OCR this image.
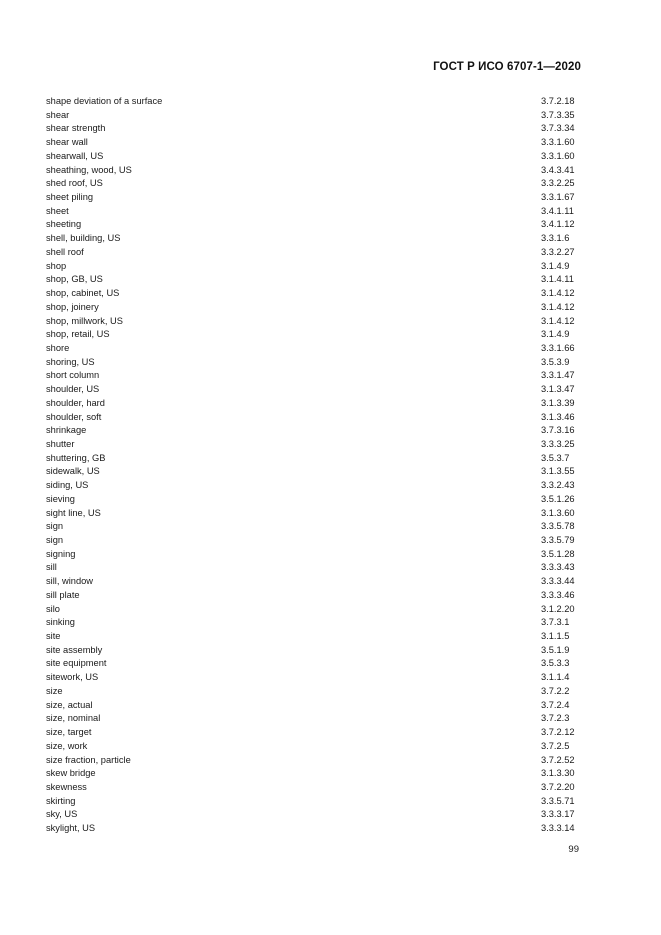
ГОСТ Р ИСО 6707-1—2020
shape deviation of a surface	3.7.2.18
shear	3.7.3.35
shear strength	3.7.3.34
shear wall	3.3.1.60
shearwall, US	3.3.1.60
sheathing, wood, US	3.4.3.41
shed roof, US	3.3.2.25
sheet piling	3.3.1.67
sheet	3.4.1.11
sheeting	3.4.1.12
shell, building, US	3.3.1.6
shell roof	3.3.2.27
shop	3.1.4.9
shop, GB, US	3.1.4.11
shop, cabinet, US	3.1.4.12
shop, joinery	3.1.4.12
shop, millwork, US	3.1.4.12
shop, retail, US	3.1.4.9
shore	3.3.1.66
shoring, US	3.5.3.9
short column	3.3.1.47
shoulder, US	3.1.3.47
shoulder, hard	3.1.3.39
shoulder, soft	3.1.3.46
shrinkage	3.7.3.16
shutter	3.3.3.25
shuttering, GB	3.5.3.7
sidewalk, US	3.1.3.55
siding, US	3.3.2.43
sieving	3.5.1.26
sight line, US	3.1.3.60
sign	3.3.5.78
sign	3.3.5.79
signing	3.5.1.28
sill	3.3.3.43
sill, window	3.3.3.44
sill plate	3.3.3.46
silo	3.1.2.20
sinking	3.7.3.1
site	3.1.1.5
site assembly	3.5.1.9
site equipment	3.5.3.3
sitework, US	3.1.1.4
size	3.7.2.2
size, actual	3.7.2.4
size, nominal	3.7.2.3
size, target	3.7.2.12
size, work	3.7.2.5
size fraction, particle	3.7.2.52
skew bridge	3.1.3.30
skewness	3.7.2.20
skirting	3.3.5.71
sky, US	3.3.3.17
skylight, US	3.3.3.14
99
